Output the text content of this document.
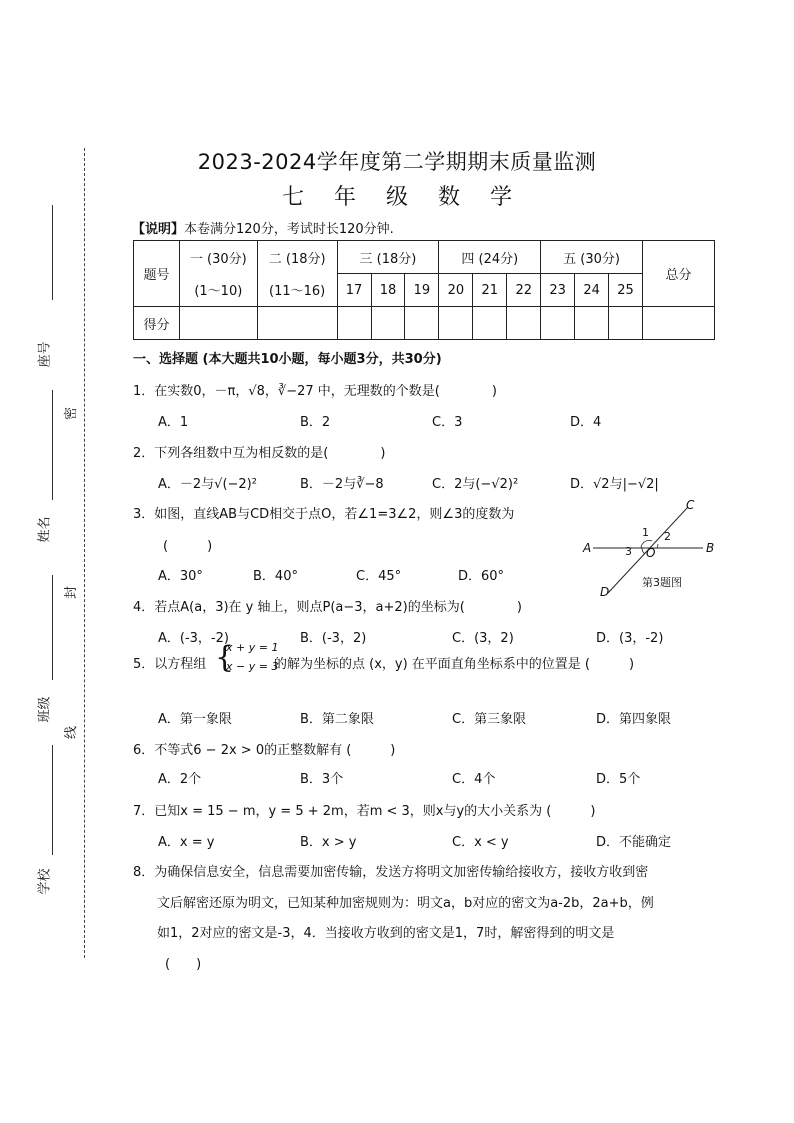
座号
姓名
班级
学校
密
封
线
2023-2024学年度第二学期期末质量监测
七年级数学
【说明】本卷满分120分，考试时长120分钟.
题号	一 (30分)	二 (18分)	三 (18分)			四 (24分)			五 (30分)			总分
	(1～10)	(11～16)	17	18	19	20	21	22	23	24	25	
得分												
一、选择题 (本大题共10小题，每小题3分，共30分)
1．在实数0，－π，√8，∛−27 中，无理数的个数是(　　　　)
A．1	B．2	C．3	D．4
2．下列各组数中互为相反数的是(　　　　)
A．－2与√(−2)²	B．－2与∛−8	C．2与(−√2)²	D．√2与|−√2|
3．如图，直线AB与CD相交于点O，若∠1=3∠2，则∠3的度数为
(　　　)
A．30°	B．40°	C．45°	D．60°
A	B
C
D
O
1 2
3
第3题图
4．若点A(a，3)在 y 轴上，则点P(a−3，a+2)的坐标为(　　　　)
A．(-3，-2)	B．(-3，2)	C．(3，2)	D．(3，-2)
5．以方程组 {
x + y = 1
x − y = 3
的解为坐标的点 (x，y) 在平面直角坐标系中的位置是 (　　　)
A．第一象限	B．第二象限	C．第三象限	D．第四象限
6．不等式6 − 2x > 0的正整数解有 (　　　)
A．2个	B．3个	C．4个	D．5个
7．已知x = 15 − m，y = 5 + 2m，若m < 3，则x与y的大小关系为 (　　　)
A．x = y	B．x > y	C．x < y	D．不能确定
8．为确保信息安全，信息需要加密传输，发送方将明文加密传输给接收方，接收方收到密
文后解密还原为明文，已知某种加密规则为：明文a，b对应的密文为a-2b，2a+b，例
如1，2对应的密文是-3，4．当接收方收到的密文是1，7时，解密得到的明文是
(　　)
